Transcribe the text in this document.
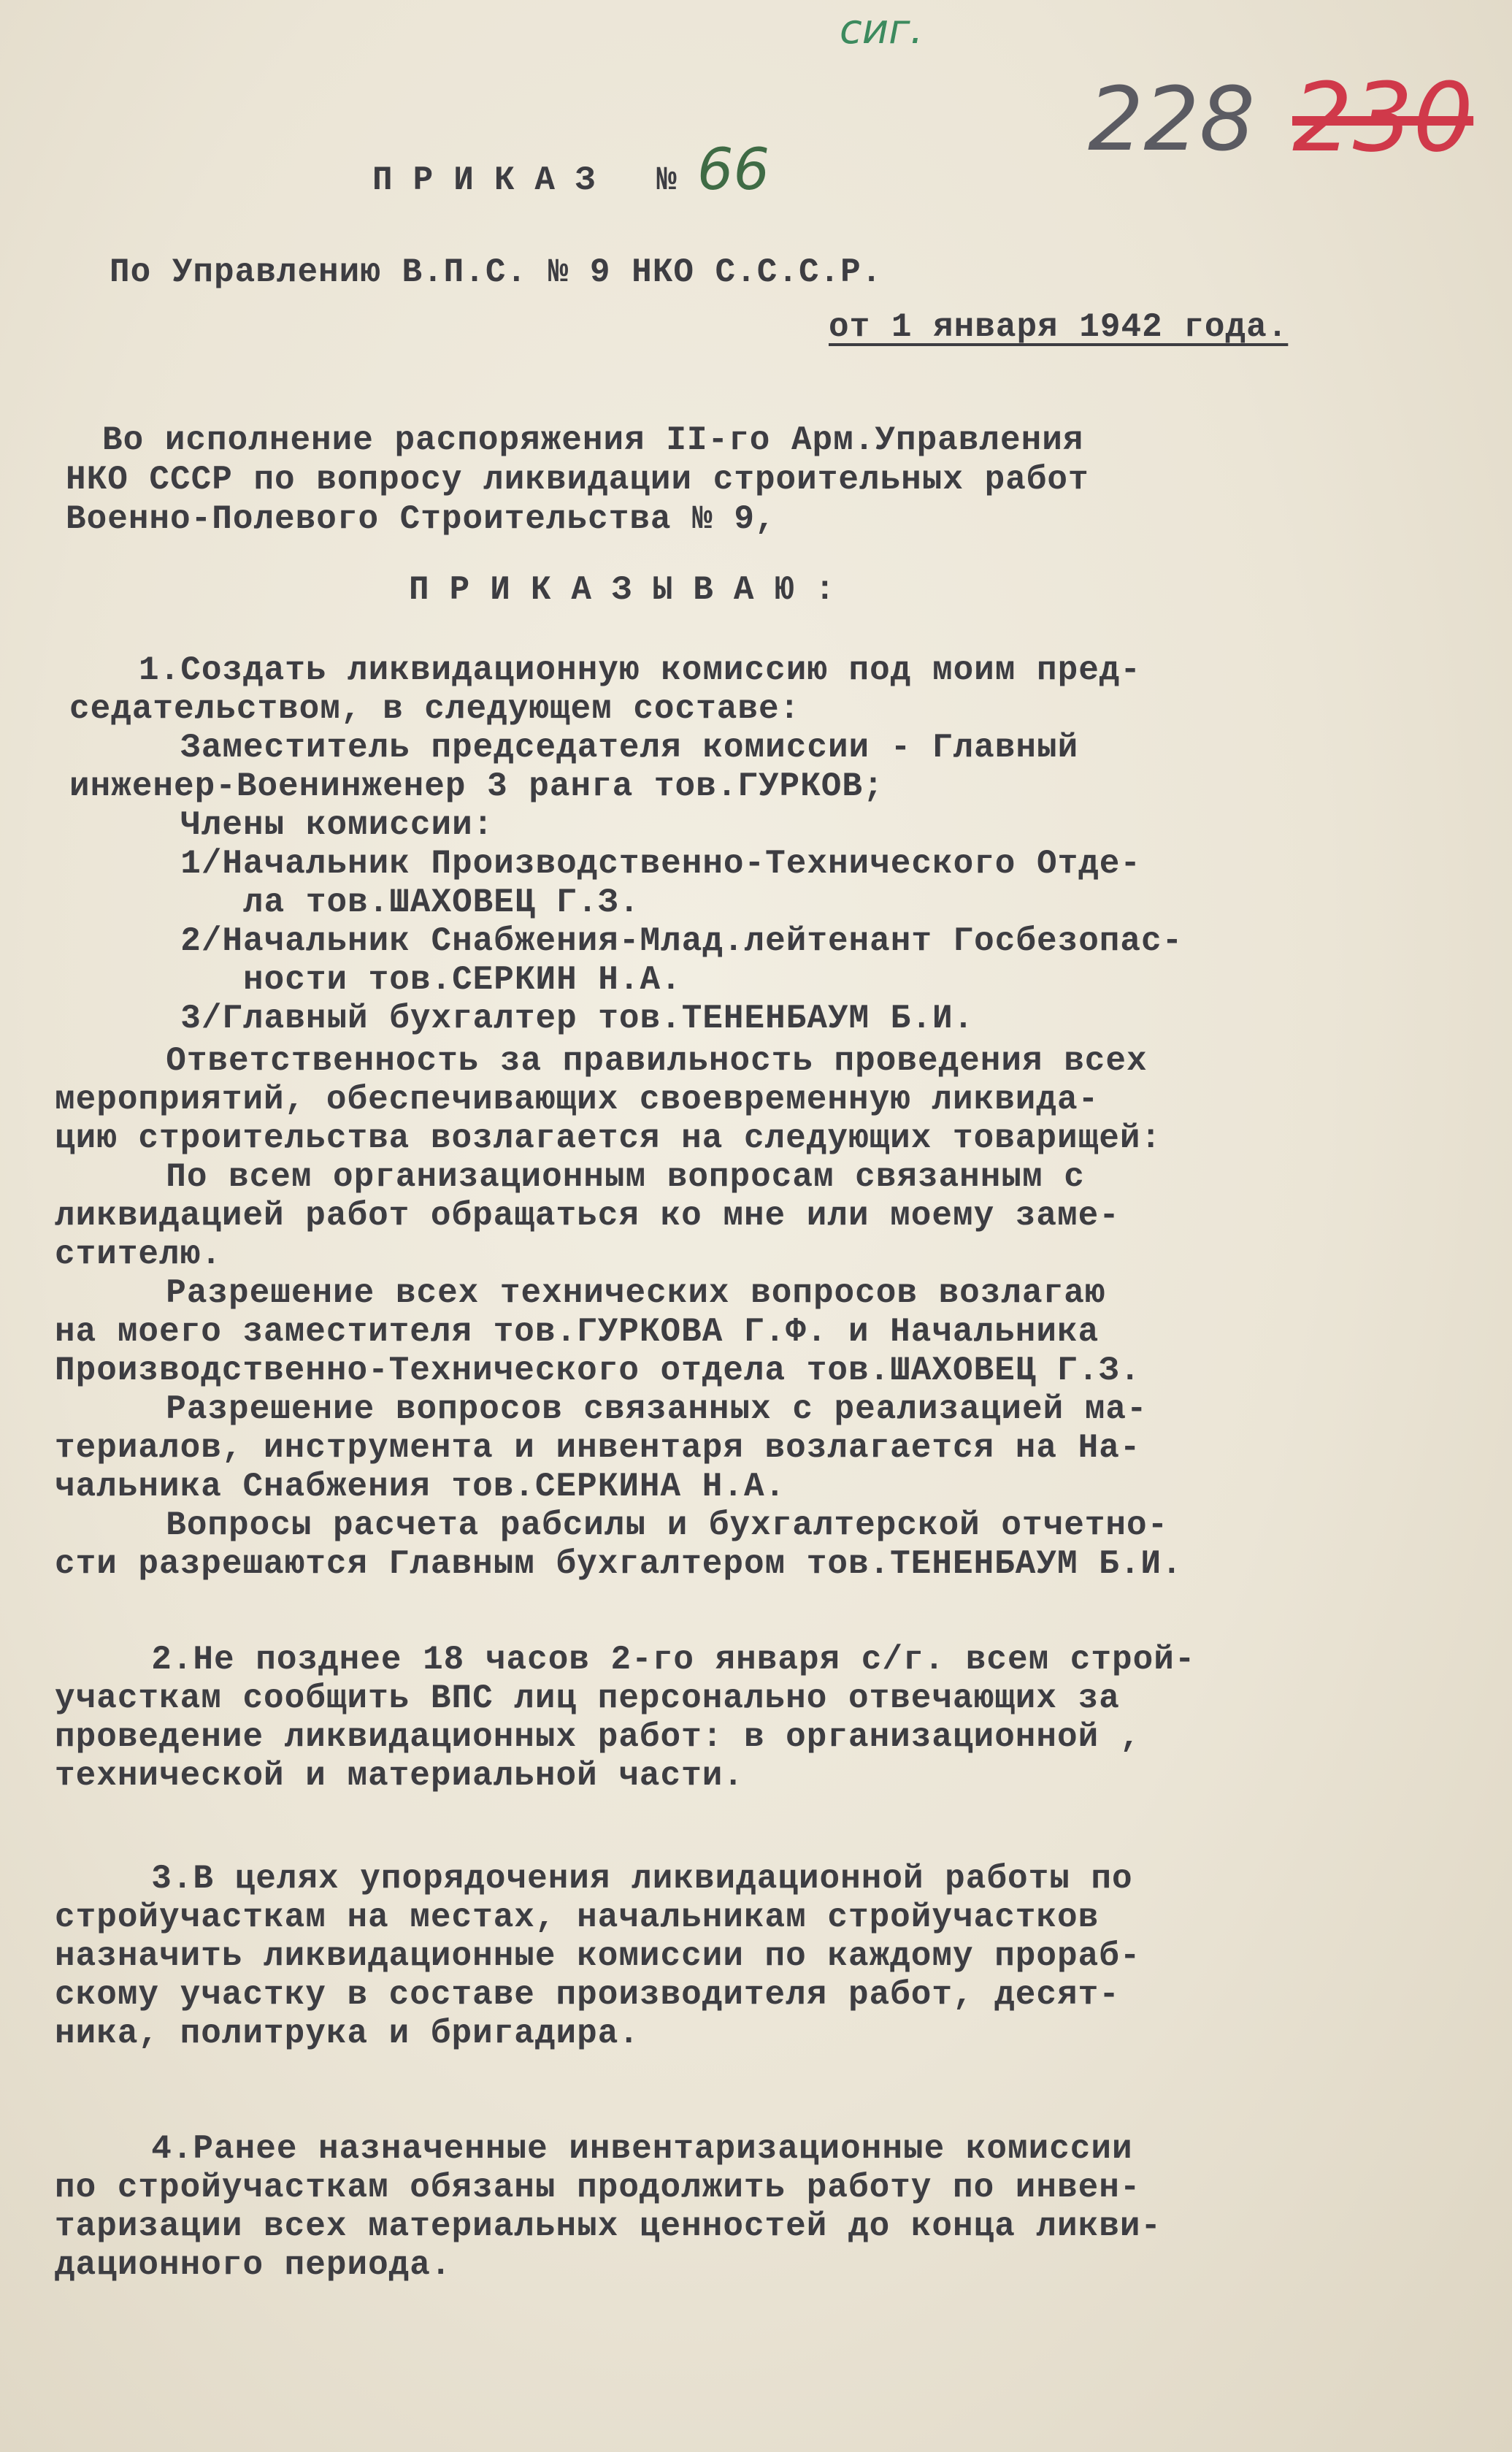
сиг.
228 230
ПРИКАЗ №66
По Управлению В.П.С. № 9 НКО С.С.С.Р.
от 1 января 1942 года.
Во исполнение распоряжения II-го Арм.Управления
НКО СССР по вопросу ликвидации строительных работ
Военно-Полевого Строительства № 9,
ПРИКАЗЫВАЮ:
1.Создать ликвидационную комиссию под моим пред-
седательством, в следующем составе:
Заместитель председателя комиссии - Главный
инженер-Военинженер 3 ранга тов.ГУРКОВ;
Члены комиссии:
1/Начальник Производственно-Технического Отде-
ла тов.ШАХОВЕЦ Г.З.
2/Начальник Снабжения-Млад.лейтенант Госбезопас-
ности тов.СЕРКИН Н.А.
3/Главный бухгалтер тов.ТЕНЕНБАУМ Б.И.
Ответственность за правильность проведения всех
мероприятий, обеспечивающих своевременную ликвида-
цию строительства возлагается на следующих товарищей:
По всем организационным вопросам связанным с
ликвидацией работ обращаться ко мне или моему заме-
стителю.
Разрешение всех технических вопросов возлагаю
на моего заместителя тов.ГУРКОВА Г.Ф. и Начальника
Производственно-Технического отдела тов.ШАХОВЕЦ Г.З.
Разрешение вопросов связанных с реализацией ма-
териалов, инструмента и инвентаря возлагается на На-
чальника Снабжения тов.СЕРКИНА Н.А.
Вопросы расчета рабсилы и бухгалтерской отчетно-
сти разрешаются Главным бухгалтером тов.ТЕНЕНБАУМ Б.И.
2.Не позднее 18 часов 2-го января с/г. всем строй-
участкам сообщить ВПС лиц персонально отвечающих за
проведение ликвидационных работ: в организационной ,
технической и материальной части.
3.В целях упорядочения ликвидационной работы по
стройучасткам на местах, начальникам стройучастков
назначить ликвидационные комиссии по каждому прораб-
скому участку в составе производителя работ, десят-
ника, политрука и бригадира.
4.Ранее назначенные инвентаризационные комиссии
по стройучасткам обязаны продолжить работу по инвен-
таризации всех материальных ценностей до конца ликви-
дационного периода.
